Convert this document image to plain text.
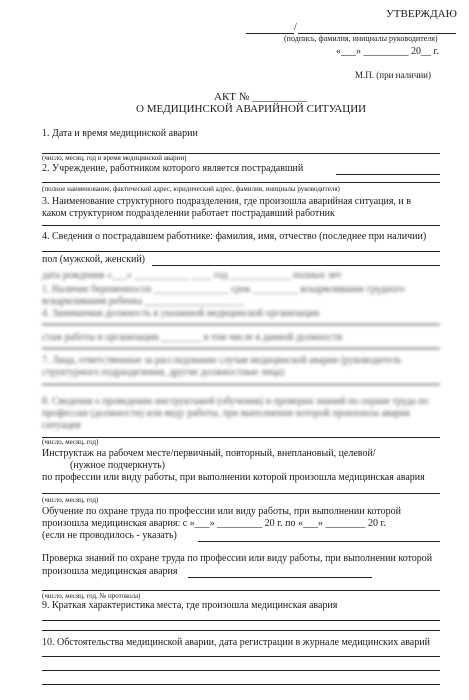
УТВЕРЖДАЮ
/
(подпись, фамилия, инициалы руководителя)
«___» _________ 20__ г.
М.П. (при наличии)
АКТ № __________
О МЕДИЦИНСКОЙ АВАРИЙНОЙ СИТУАЦИИ
1. Дата и время медицинской аварии
(число, месяц, год и время медицинской аварии)
2. Учреждение, работником которого является пострадавший
(полное наименование, фактический адрес, юридический адрес, фамилия, инициалы руководителя)
3. Наименование структурного подразделения, где произошла аварийная ситуация, и в
каком структурном подразделении работает пострадавший работник
4. Сведения о пострадавшем работнике: фамилия, имя, отчество (последнее при наличии)
пол (мужской, женский)
дата рождения «___» ___________ ____ год ____________ полных лет
1. Наличие беременности _______________ срок _________ вскармливание грудного
вскармливания ребенка ____________________
4. Занимаемая должность в указанной медицинской организации
стаж работы в организации ________ в том числе в данной должности
7. Лица, ответственные за расследование случая медицинской аварии (руководитель
структурного подразделения, другие должностные лица)
8. Сведения о проведении инструктажей (обучения) и проверки знаний по охране труда по
профессии (должности) или виду работы, при выполнении которой произошла авария
ситуация
(число, месяц, год)
Инструктаж на рабочем месте/первичный, повторный, внеплановый, целевой/
(нужное подчеркнуть)
по профессии или виду работы, при выполнении которой произошла медицинская авария
(число, месяц, год)
Обучение по охране труда по профессии или виду работы, при выполнении которой
произошла медицинская авария: с «___» _________ 20 г. по «___» ________ 20 г.
(если не проводилось - указать)
Проверка знаний по охране труда по профессии или виду работы, при выполнении которой
произошла медицинская авария
(число, месяц, год, № протокола)
9. Краткая характеристика места, где произошла медицинская авария
10. Обстоятельства медицинской аварии, дата регистрации в журнале медицинских аварий
